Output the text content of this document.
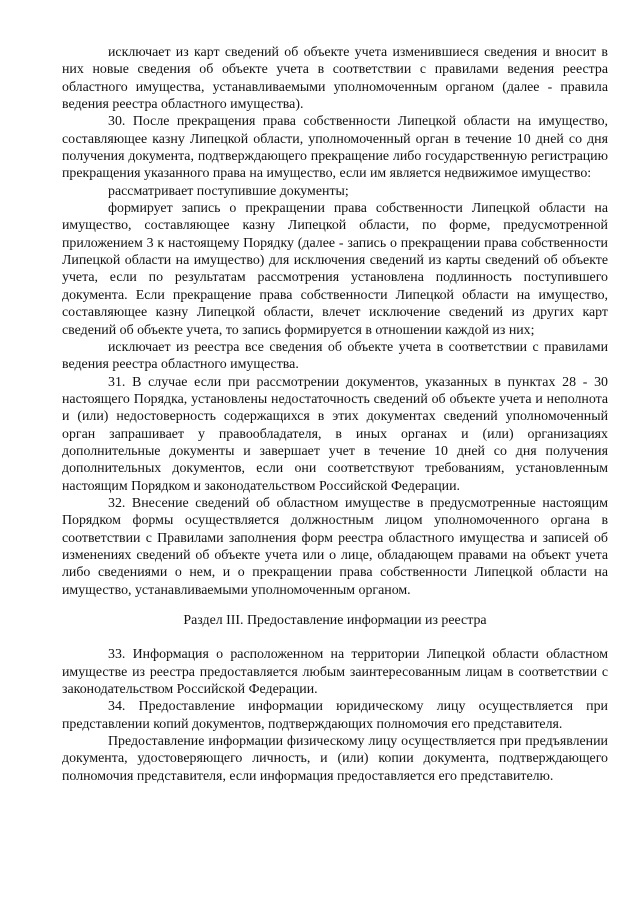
исключает из карт сведений об объекте учета изменившиеся сведения и вносит в них новые сведения об объекте учета в соответствии с правилами ведения реестра областного имущества, устанавливаемыми уполномоченным органом (далее - правила ведения реестра областного имущества).

30. После прекращения права собственности Липецкой области на имущество, составляющее казну Липецкой области, уполномоченный орган в течение 10 дней со дня получения документа, подтверждающего прекращение либо государственную регистрацию прекращения указанного права на имущество, если им является недвижимое имущество:

рассматривает поступившие документы;

формирует запись о прекращении права собственности Липецкой области на имущество, составляющее казну Липецкой области, по форме, предусмотренной приложением 3 к настоящему Порядку (далее - запись о прекращении права собственности Липецкой области на имущество) для исключения сведений из карты сведений об объекте учета, если по результатам рассмотрения установлена подлинность поступившего документа. Если прекращение права собственности Липецкой области на имущество, составляющее казну Липецкой области, влечет исключение сведений из других карт сведений об объекте учета, то запись формируется в отношении каждой из них;

исключает из реестра все сведения об объекте учета в соответствии с правилами ведения реестра областного имущества.

31. В случае если при рассмотрении документов, указанных в пунктах 28 - 30 настоящего Порядка, установлены недостаточность сведений об объекте учета и неполнота и (или) недостоверность содержащихся в этих документах сведений уполномоченный орган запрашивает у правообладателя, в иных органах и (или) организациях дополнительные документы и завершает учет в течение 10 дней со дня получения дополнительных документов, если они соответствуют требованиям, установленным настоящим Порядком и законодательством Российской Федерации.

32. Внесение сведений об областном имуществе в предусмотренные настоящим Порядком формы осуществляется должностным лицом уполномоченного органа в соответствии с Правилами заполнения форм реестра областного имущества и записей об изменениях сведений об объекте учета или о лице, обладающем правами на объект учета либо сведениями о нем, и о прекращении права собственности Липецкой области на имущество, устанавливаемыми уполномоченным органом.

Раздел III. Предоставление информации из реестра

33. Информация о расположенном на территории Липецкой области областном имуществе из реестра предоставляется любым заинтересованным лицам в соответствии с законодательством Российской Федерации.

34. Предоставление информации юридическому лицу осуществляется при представлении копий документов, подтверждающих полномочия его представителя.

Предоставление информации физическому лицу осуществляется при предъявлении документа, удостоверяющего личность, и (или) копии документа, подтверждающего полномочия представителя, если информация предоставляется его представителю.
